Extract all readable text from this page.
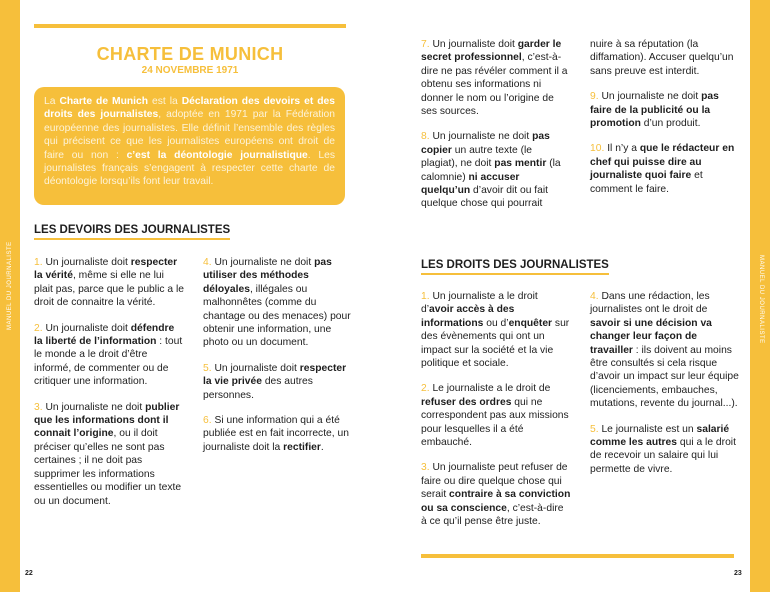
MANUEL DU JOURNALISTE	MANUEL DU JOURNALISTE
CHARTE DE MUNICH
24 NOVEMBRE 1971
La Charte de Munich est la Déclaration des devoirs et des droits des journalistes, adoptée en 1971 par la Fédération européenne des journalistes. Elle définit l’ensemble des règles qui précisent ce que les journalistes européens ont droit de faire ou non : c’est la déontologie journalistique. Les journalistes français s’engagent à respecter cette charte de déontologie lorsqu’ils font leur travail.
LES DEVOIRS DES JOURNALISTES
1. Un journaliste doit respecter la vérité, même si elle ne lui plait pas, parce que le public a le droit de connaitre la vérité.
2. Un journaliste doit défendre la liberté de l’information : tout le monde a le droit d’être informé, de commenter ou de critiquer une information.
3. Un journaliste ne doit publier que les informations dont il connait l’origine, ou il doit préciser qu’elles ne sont pas certaines ; il ne doit pas supprimer les informations essentielles ou modifier un texte ou un document.
4. Un journaliste ne doit pas utiliser des méthodes déloyales, illégales ou malhonnêtes (comme du chantage ou des menaces) pour obtenir une information, une photo ou un document.
5. Un journaliste doit respecter la vie privée des autres personnes.
6. Si une information qui a été publiée est en fait incorrecte, un journaliste doit la rectifier.
7. Un journaliste doit garder le secret professionnel, c’est-à-dire ne pas révéler comment il a obtenu ses informations ni donner le nom ou l’origine de ses sources.
8. Un journaliste ne doit pas copier un autre texte (le plagiat), ne doit pas mentir (la calomnie) ni accuser quelqu’un d’avoir dit ou fait quelque chose qui pourrait
nuire à sa réputation (la diffamation). Accuser quelqu’un sans preuve est interdit.
9. Un journaliste ne doit pas faire de la publicité ou la promotion d’un produit.
10. Il n’y a que le rédacteur en chef qui puisse dire au journaliste quoi faire et comment le faire.
LES DROITS DES JOURNALISTES
1. Un journaliste a le droit d’avoir accès à des informations ou d’enquêter sur des évènements qui ont un impact sur la société et la vie politique et sociale.
2. Le journaliste a le droit de refuser des ordres qui ne correspondent pas aux missions pour lesquelles il a été embauché.
3. Un journaliste peut refuser de faire ou dire quelque chose qui serait contraire à sa conviction ou sa conscience, c’est-à-dire à ce qu’il pense être juste.
4. Dans une rédaction, les journalistes ont le droit de savoir si une décision va changer leur façon de travailler : ils doivent au moins être consultés si cela risque d’avoir un impact sur leur équipe (licenciements, embauches, mutations, revente du journal...).
5. Le journaliste est un salarié comme les autres qui a le droit de recevoir un salaire qui lui permette de vivre.
22	23
